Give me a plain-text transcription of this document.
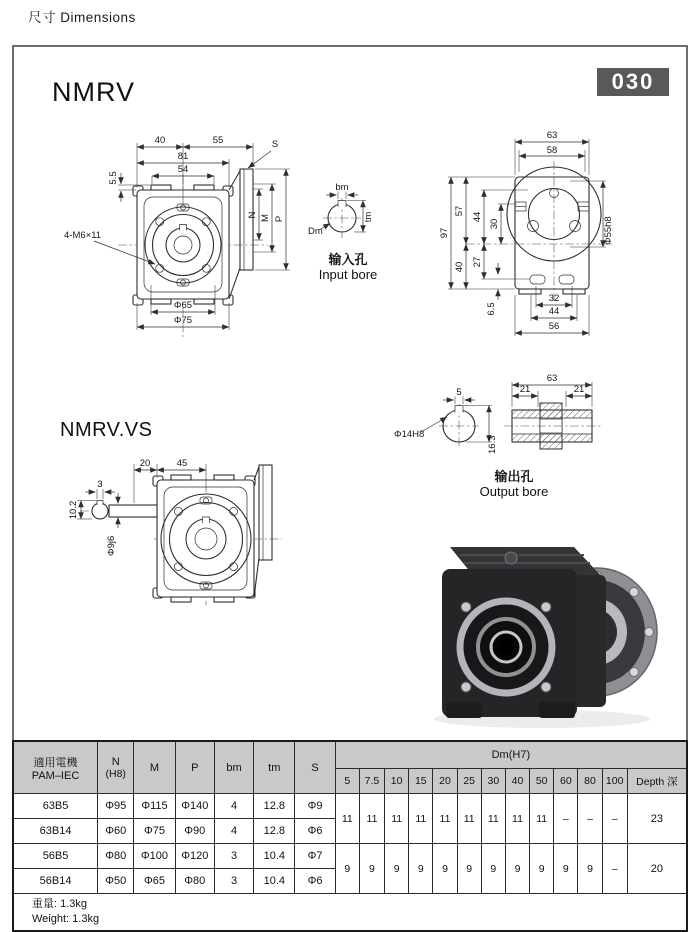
尺寸 Dimensions
NMRV	030
NMRV.VS
40	55
81
54
5.5
S
N M P
4-M6×11
Φ65
Φ75
bm
tm
Dm
输入孔
Input bore
63
58
97
57
40
44
27
30
6.5
Φ55h8
32
44
56
5
Φ14H8
16.3
63
21	21
输出孔
Output bore
3
20	45
10.2
Φ9j6
適用電機
PAM–IEC

N
(H8)	M	P	bm	tm	S	Dm(H7)
							5	7.5	10	15	20	25	30	40	50	60	80	100	Depth 深
63B5	Φ95	Φ115	Φ140	4	12.8	Φ9	11	11	11	11	11	11	11	11	11	–	–	–	23
63B14	Φ60	Φ75	Φ90	4	12.8	Φ6													
56B5	Φ80	Φ100	Φ120	3	10.4	Φ7	9	9	9	9	9	9	9	9	9	9	9	–	20
56B14	Φ50	Φ65	Φ80	3	10.4	Φ6													

重量: 1.3kg
Weight: 1.3kg																			
